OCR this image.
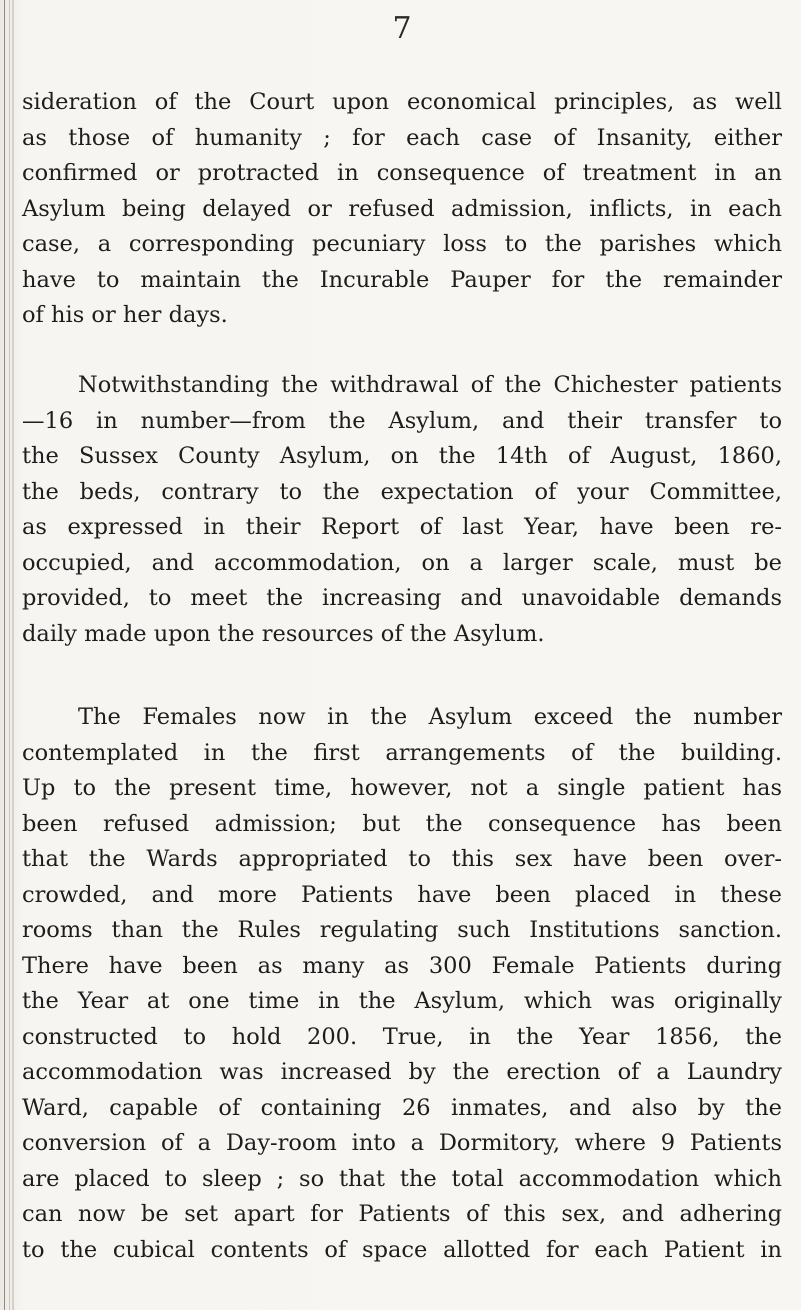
7
sideration of the Court upon economical principles, as well
as those of humanity ; for each case of Insanity, either
confirmed or protracted in consequence of treatment in an
Asylum being delayed or refused admission, inflicts, in each
case, a corresponding pecuniary loss to the parishes which
have to maintain the Incurable Pauper for the remainder
of his or her days.
Notwithstanding the withdrawal of the Chichester patients
—16 in number—from the Asylum, and their transfer to
the Sussex County Asylum, on the 14th of August, 1860,
the beds, contrary to the expectation of your Committee,
as expressed in their Report of last Year, have been re-
occupied, and accommodation, on a larger scale, must be
provided, to meet the increasing and unavoidable demands
daily made upon the resources of the Asylum.
The Females now in the Asylum exceed the number
contemplated in the first arrangements of the building.
Up to the present time, however, not a single patient has
been refused admission; but the consequence has been
that the Wards appropriated to this sex have been over-
crowded, and more Patients have been placed in these
rooms than the Rules regulating such Institutions sanction.
There have been as many as 300 Female Patients during
the Year at one time in the Asylum, which was originally
constructed to hold 200. True, in the Year 1856, the
accommodation was increased by the erection of a Laundry
Ward, capable of containing 26 inmates, and also by the
conversion of a Day-room into a Dormitory, where 9 Patients
are placed to sleep ; so that the total accommodation which
can now be set apart for Patients of this sex, and adhering
to the cubical contents of space allotted for each Patient in
